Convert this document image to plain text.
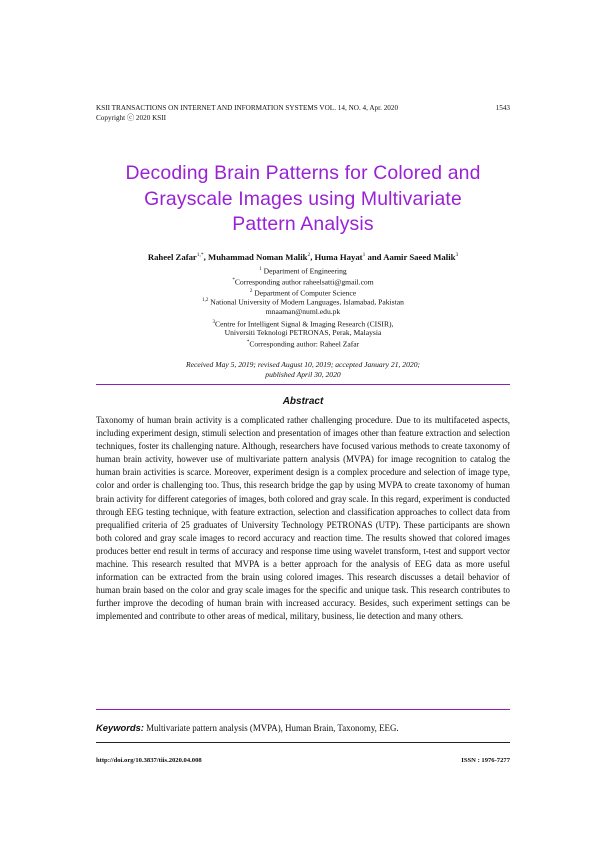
KSII TRANSACTIONS ON INTERNET AND INFORMATION SYSTEMS VOL. 14, NO. 4, Apr. 2020	1543
Copyright ⓒ 2020 KSII
Decoding Brain Patterns for Colored and
Grayscale Images using Multivariate
Pattern Analysis
Raheel Zafar$^{1,*}$, Muhammad Noman Malik$^2$, Huma Hayat$^1$ and Aamir Saeed Malik$^3$
$^1$ Department of Engineering
*Corresponding author raheelsatti@gmail.com
$^2$ Department of Computer Science
$^{1,2}$ National University of Modern Languages, Islamabad, Pakistan
mnaaman@numl.edu.pk
$^3$Centre for Intelligent Signal & Imaging Research (CISIR),
Universiti Teknologi PETRONAS, Perak, Malaysia
*Corresponding author: Raheel Zafar
Received May 5, 2019; revised August 10, 2019; accepted January 21, 2020;
published April 30, 2020
Abstract
Taxonomy of human brain activity is a complicated rather challenging procedure. Due to its multifaceted aspects, including experiment design, stimuli selection and presentation of images other than feature extraction and selection techniques, foster its challenging nature. Although, researchers have focused various methods to create taxonomy of human brain activity, however use of multivariate pattern analysis (MVPA) for image recognition to catalog the human brain activities is scarce. Moreover, experiment design is a complex procedure and selection of image type, color and order is challenging too. Thus, this research bridge the gap by using MVPA to create taxonomy of human brain activity for different categories of images, both colored and gray scale. In this regard, experiment is conducted through EEG testing technique, with feature extraction, selection and classification approaches to collect data from prequalified criteria of 25 graduates of University Technology PETRONAS (UTP). These participants are shown both colored and gray scale images to record accuracy and reaction time. The results showed that colored images produces better end result in terms of accuracy and response time using wavelet transform, t-test and support vector machine. This research resulted that MVPA is a better approach for the analysis of EEG data as more useful information can be extracted from the brain using colored images. This research discusses a detail behavior of human brain based on the color and gray scale images for the specific and unique task. This research contributes to further improve the decoding of human brain with increased accuracy. Besides, such experiment settings can be implemented and contribute to other areas of medical, military, business, lie detection and many others.
Keywords: Multivariate pattern analysis (MVPA), Human Brain, Taxonomy, EEG.
http://doi.org/10.3837/tiis.2020.04.008	ISSN : 1976-7277
